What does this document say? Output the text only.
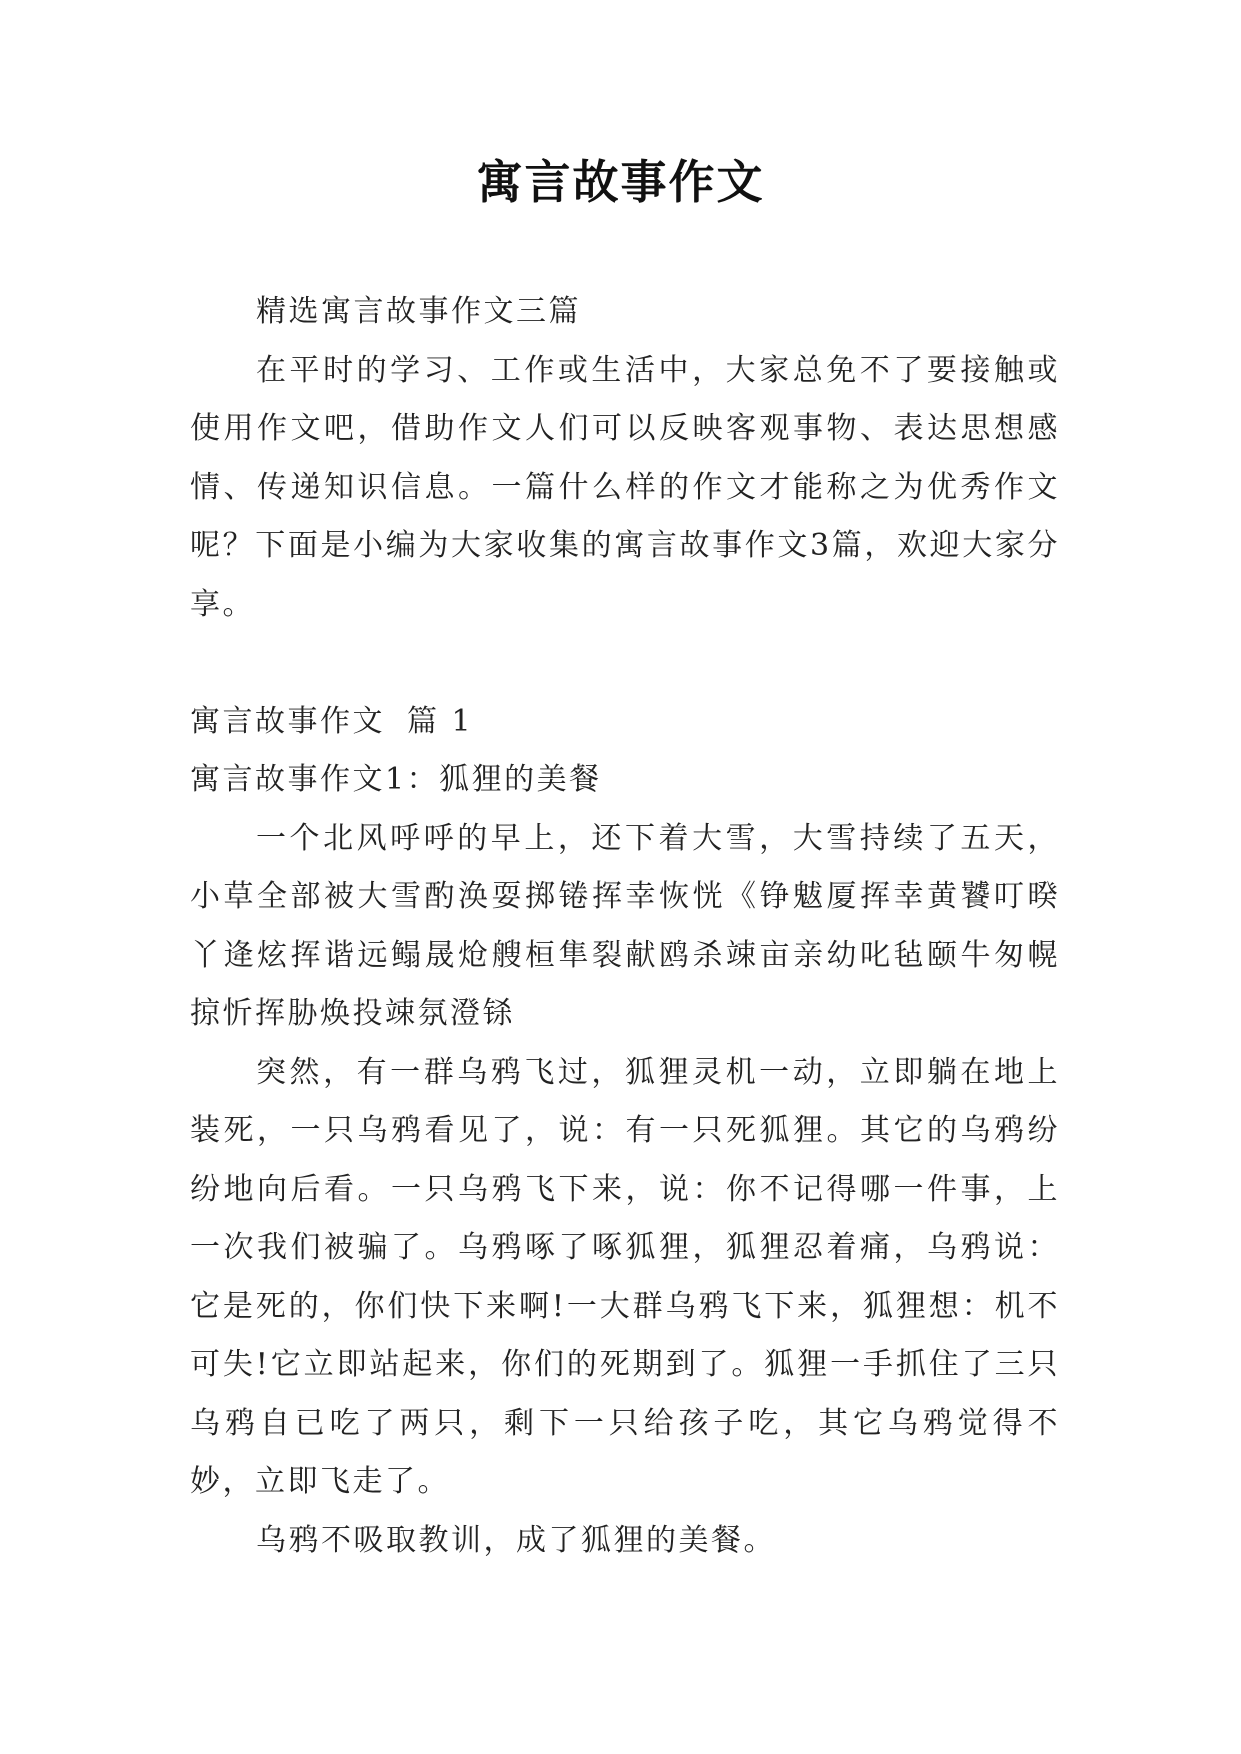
寓言故事作文

精选寓言故事作文三篇

在平时的学习、工作或生活中，大家总免不了要接触或使用作文吧，借助作文人们可以反映客观事物、表达思想感情、传递知识信息。一篇什么样的作文才能称之为优秀作文呢？下面是小编为大家收集的寓言故事作文3篇，欢迎大家分享。

寓言故事作文 篇 1

寓言故事作文1：狐狸的美餐

一个北风呼呼的早上，还下着大雪，大雪持续了五天，小草全部被大雪酌涣耍掷锩挥幸恢恍《铮魃厦挥幸黄饕叮暌丫逄炫挥谐远鳎晟炝艘桓隼裂献鸥杀竦亩亲幼叱毡颐牛匆幌掠忻挥胁焕投竦氛澄铩

突然，有一群乌鸦飞过，狐狸灵机一动，立即躺在地上装死，一只乌鸦看见了，说：有一只死狐狸。其它的乌鸦纷纷地向后看。一只乌鸦飞下来，说：你不记得哪一件事，上一次我们被骗了。乌鸦啄了啄狐狸，狐狸忍着痛，乌鸦说：它是死的，你们快下来啊!一大群乌鸦飞下来，狐狸想：机不可失!它立即站起来，你们的死期到了。狐狸一手抓住了三只乌鸦自已吃了两只，剩下一只给孩子吃，其它乌鸦觉得不妙，立即飞走了。

乌鸦不吸取教训，成了狐狸的美餐。
